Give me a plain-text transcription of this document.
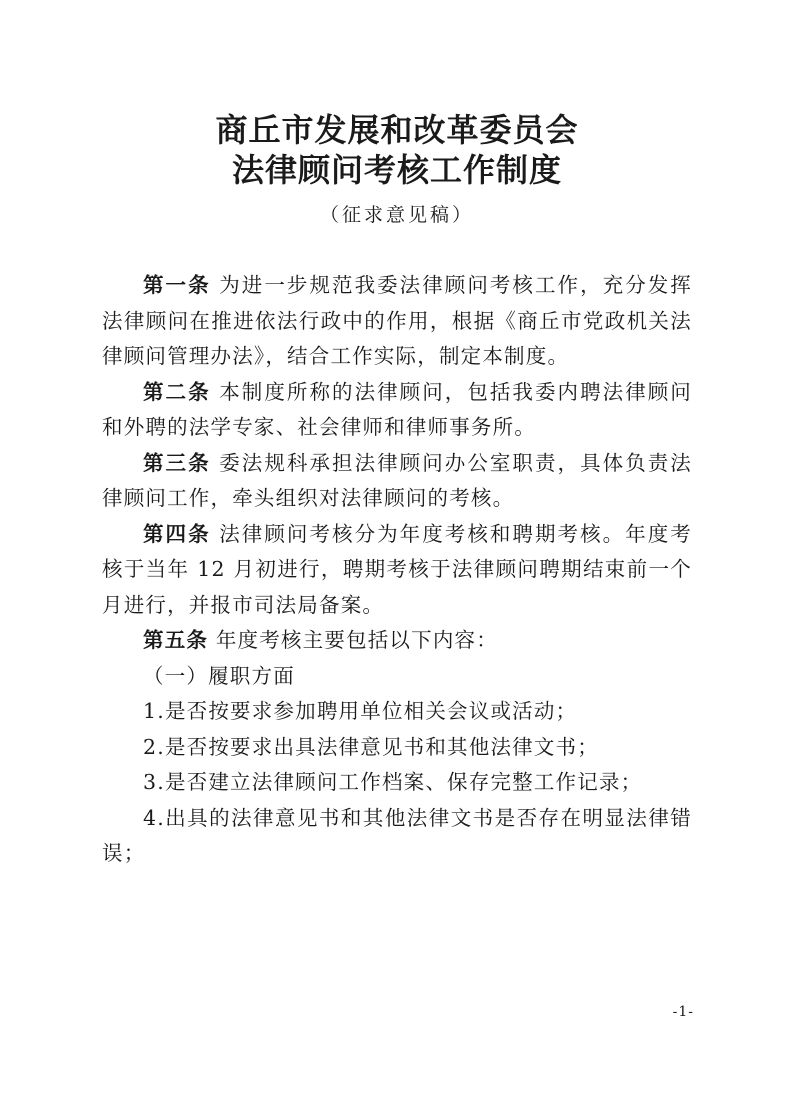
商丘市发展和改革委员会
法律顾问考核工作制度

（征求意见稿）

第一条 为进一步规范我委法律顾问考核工作，充分发挥法律顾问在推进依法行政中的作用，根据《商丘市党政机关法律顾问管理办法》，结合工作实际，制定本制度。

第二条 本制度所称的法律顾问，包括我委内聘法律顾问和外聘的法学专家、社会律师和律师事务所。

第三条 委法规科承担法律顾问办公室职责，具体负责法律顾问工作，牵头组织对法律顾问的考核。

第四条 法律顾问考核分为年度考核和聘期考核。年度考核于当年 12 月初进行，聘期考核于法律顾问聘期结束前一个月进行，并报市司法局备案。

第五条 年度考核主要包括以下内容：

（一）履职方面

1.是否按要求参加聘用单位相关会议或活动；

2.是否按要求出具法律意见书和其他法律文书；

3.是否建立法律顾问工作档案、保存完整工作记录；

4.出具的法律意见书和其他法律文书是否存在明显法律错误；

-1-
